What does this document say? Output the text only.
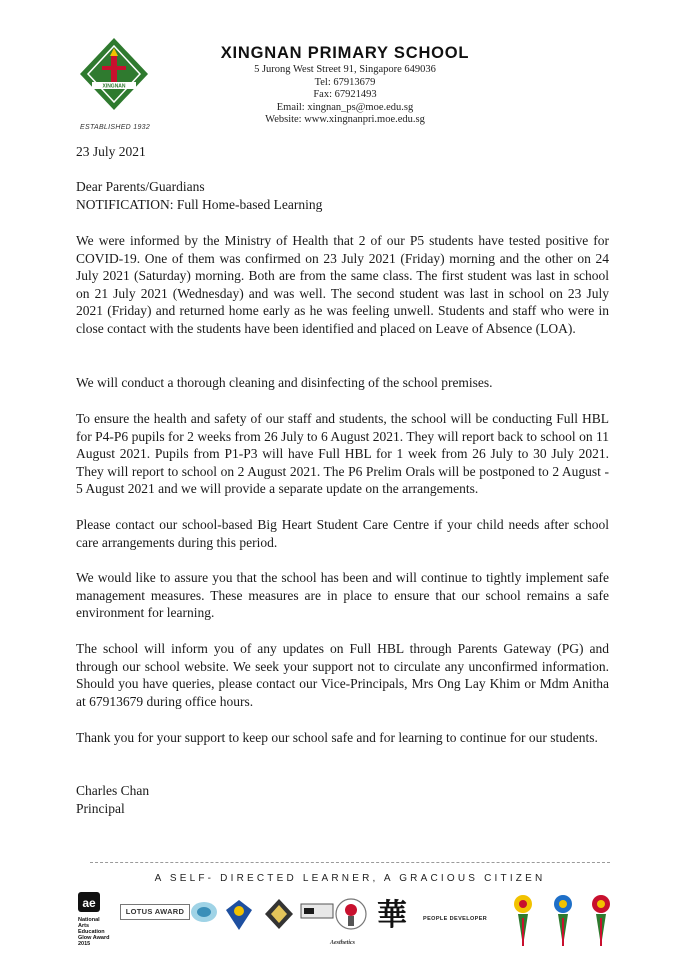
XINGNAN
ESTABLISHED 1932
XINGNAN PRIMARY SCHOOL
5 Jurong West Street 91, Singapore 649036
Tel: 67913679
Fax: 67921493
Email: xingnan_ps@moe.edu.sg
Website: www.xingnanpri.moe.edu.sg
23 July 2021
Dear Parents/Guardians
NOTIFICATION: Full Home-based Learning
We were informed by the Ministry of Health that 2 of our P5 students have tested positive for COVID-19. One of them was confirmed on 23 July 2021 (Friday) morning and the other on 24 July 2021 (Saturday) morning. Both are from the same class. The first student was last in school on 21 July 2021 (Wednesday) and was well. The second student was last in school on 23 July 2021 (Friday) and returned home early as he was feeling unwell. Students and staff who were in close contact with the students have been identified and placed on Leave of Absence (LOA).
We will conduct a thorough cleaning and disinfecting of the school premises.
To ensure the health and safety of our staff and students, the school will be conducting Full HBL for P4-P6 pupils for 2 weeks from 26 July to 6 August 2021. They will report back to school on 11 August 2021. Pupils from P1-P3 will have Full HBL for 1 week from 26 July to 30 July 2021. They will report to school on 2 August 2021. The P6 Prelim Orals will be postponed to 2 August - 5 August 2021 and we will provide a separate update on the arrangements.
Please contact our school-based Big Heart Student Care Centre if your child needs after school care arrangements during this period.
We would like to assure you that the school has been and will continue to tightly implement safe management measures. These measures are in place to ensure that our school remains a safe environment for learning.
The school will inform you of any updates on Full HBL through Parents Gateway (PG) and through our school website. We seek your support not to circulate any unconfirmed information. Should you have queries, please contact our Vice-Principals, Mrs Ong Lay Khim or Mdm Anitha at 67913679 during office hours.
Thank you for your support to keep our school safe and for learning to continue for our students.
Charles Chan
Principal
A SELF- DIRECTED LEARNER, A GRACIOUS CITIZEN
ae
National Arts Education Glow Award 2015
LOTUS AWARD
Aesthetics
華	PEOPLE DEVELOPER
